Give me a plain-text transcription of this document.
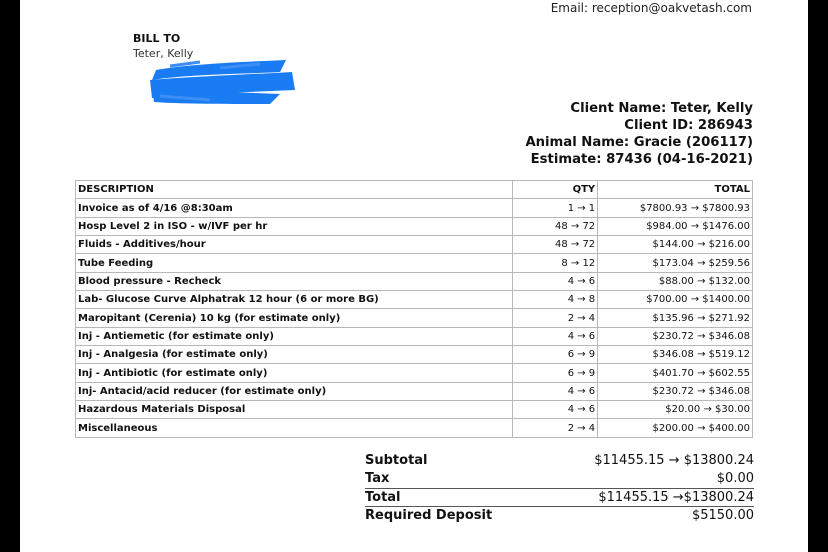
Email: reception@oakvetash.com
BILL TO
Teter, Kelly
Client Name: Teter, Kelly
Client ID: 286943
Animal Name: Gracie (206117)
Estimate: 87436 (04-16-2021)
DESCRIPTION	QTY	TOTAL
Invoice as of 4/16 @8:30am	1 → 1	$7800.93 → $7800.93
Hosp Level 2 in ISO - w/IVF per hr	48 → 72	$984.00 → $1476.00
Fluids - Additives/hour	48 → 72	$144.00 → $216.00
Tube Feeding	8 → 12	$173.04 → $259.56
Blood pressure - Recheck	4 → 6	$88.00 → $132.00
Lab- Glucose Curve Alphatrak 12 hour (6 or more BG)	4 → 8	$700.00 → $1400.00
Maropitant (Cerenia) 10 kg (for estimate only)	2 → 4	$135.96 → $271.92
Inj - Antiemetic (for estimate only)	4 → 6	$230.72 → $346.08
Inj - Analgesia (for estimate only)	6 → 9	$346.08 → $519.12
Inj - Antibiotic (for estimate only)	6 → 9	$401.70 → $602.55
Inj- Antacid/acid reducer (for estimate only)	4 → 6	$230.72 → $346.08
Hazardous Materials Disposal	4 → 6	$20.00 → $30.00
Miscellaneous	2 → 4	$200.00 → $400.00
Subtotal	$11455.15 → $13800.24
Tax	$0.00
Total	$11455.15 →$13800.24
Required Deposit	$5150.00
